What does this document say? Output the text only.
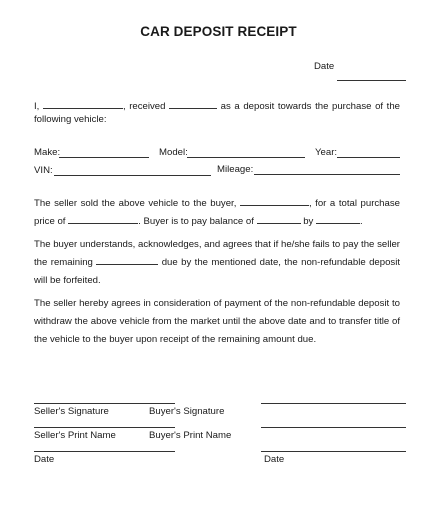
CAR DEPOSIT RECEIPT
Date

I,	, received	as a deposit towards the purchase of the following vehicle:

Make:	Model:	Year:
VIN:	Mileage:

The seller sold the above vehicle to the buyer,	, for a total purchase price of	. Buyer is to pay balance of	by	.

The buyer understands, acknowledges, and agrees that if he/she fails to pay the seller the remaining	due by the mentioned date, the non-refundable deposit will be forfeited.

The seller hereby agrees in consideration of payment of the non-refundable deposit to withdraw the above vehicle from the market until the above date and to transfer title of the vehicle to the buyer upon receipt of the remaining amount due.

Seller's Signature	Buyer's Signature
Seller's Print Name	Buyer's Print Name
Date	Date
